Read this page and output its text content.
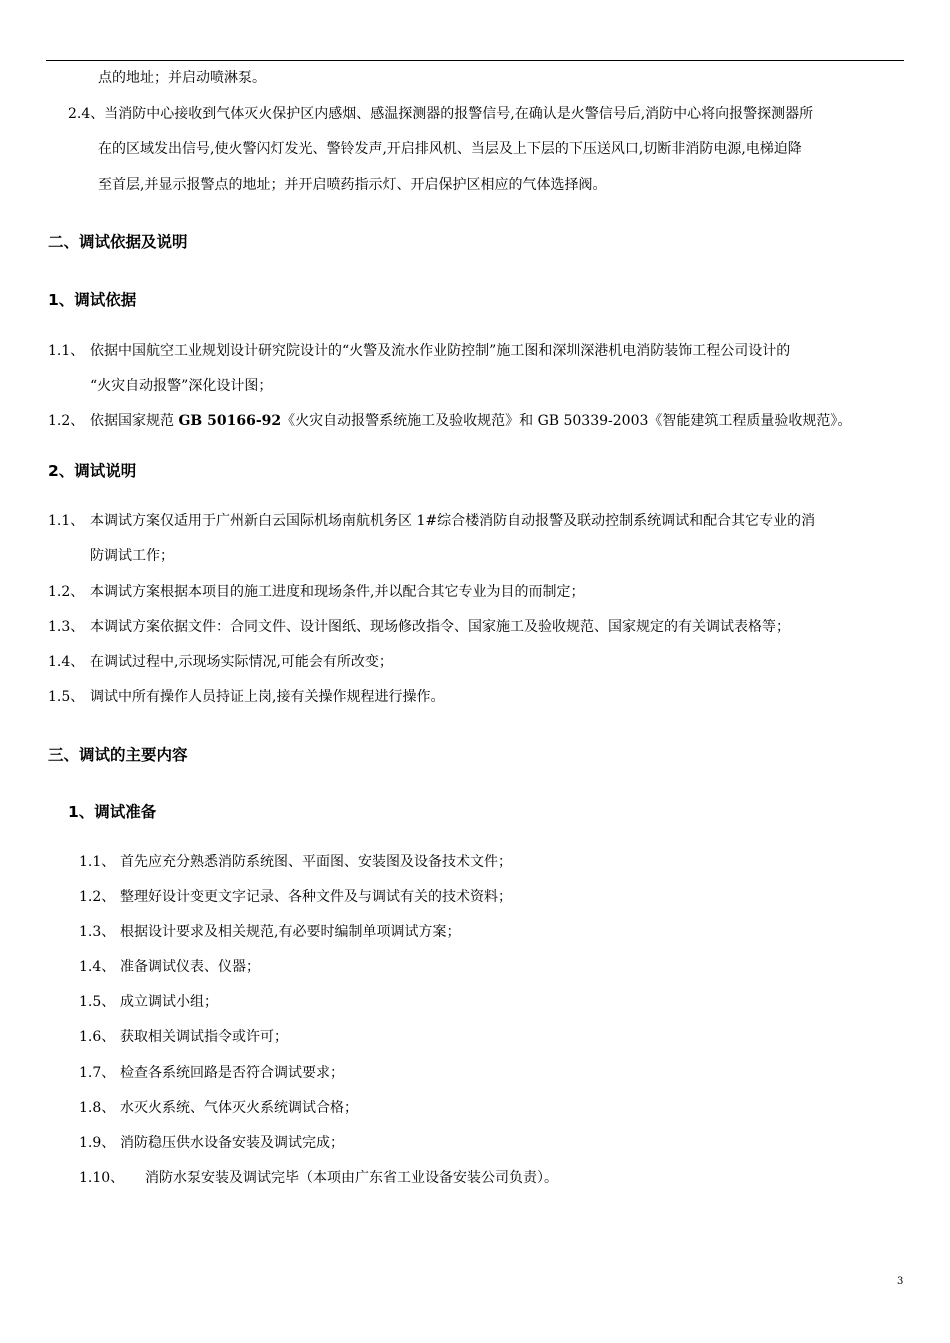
点的地址；并启动喷淋泵。
2.4、当消防中心接收到气体灭火保护区内感烟、感温探测器的报警信号,在确认是火警信号后,消防中心将向报警探测器所
在的区域发出信号,使火警闪灯发光、警铃发声,开启排风机、当层及上下层的下压送风口,切断非消防电源,电梯迫降
至首层,并显示报警点的地址；并开启喷药指示灯、开启保护区相应的气体选择阀。
二、调试依据及说明
1、调试依据
1.1、 依据中国航空工业规划设计研究院设计的“火警及流水作业防控制”施工图和深圳深港机电消防装饰工程公司设计的
“火灾自动报警”深化设计图；
1.2、 依据国家规范 GB 50166-92《火灾自动报警系统施工及验收规范》和 GB 50339-2003《智能建筑工程质量验收规范》。
2、调试说明
1.1、 本调试方案仅适用于广州新白云国际机场南航机务区 1#综合楼消防自动报警及联动控制系统调试和配合其它专业的消
防调试工作；
1.2、 本调试方案根据本项目的施工进度和现场条件,并以配合其它专业为目的而制定；
1.3、 本调试方案依据文件：合同文件、设计图纸、现场修改指令、国家施工及验收规范、国家规定的有关调试表格等；
1.4、 在调试过程中,示现场实际情况,可能会有所改变；
1.5、 调试中所有操作人员持证上岗,接有关操作规程进行操作。
三、调试的主要内容
1、调试准备
1.1、 首先应充分熟悉消防系统图、平面图、安装图及设备技术文件；
1.2、 整理好设计变更文字记录、各种文件及与调试有关的技术资料；
1.3、 根据设计要求及相关规范,有必要时编制单项调试方案；
1.4、 准备调试仪表、仪器；
1.5、 成立调试小组；
1.6、 获取相关调试指令或许可；
1.7、 检查各系统回路是否符合调试要求；
1.8、 水灭火系统、气体灭火系统调试合格；
1.9、 消防稳压供水设备安装及调试完成；
1.10、 消防水泵安装及调试完毕（本项由广东省工业设备安装公司负责）。
3
